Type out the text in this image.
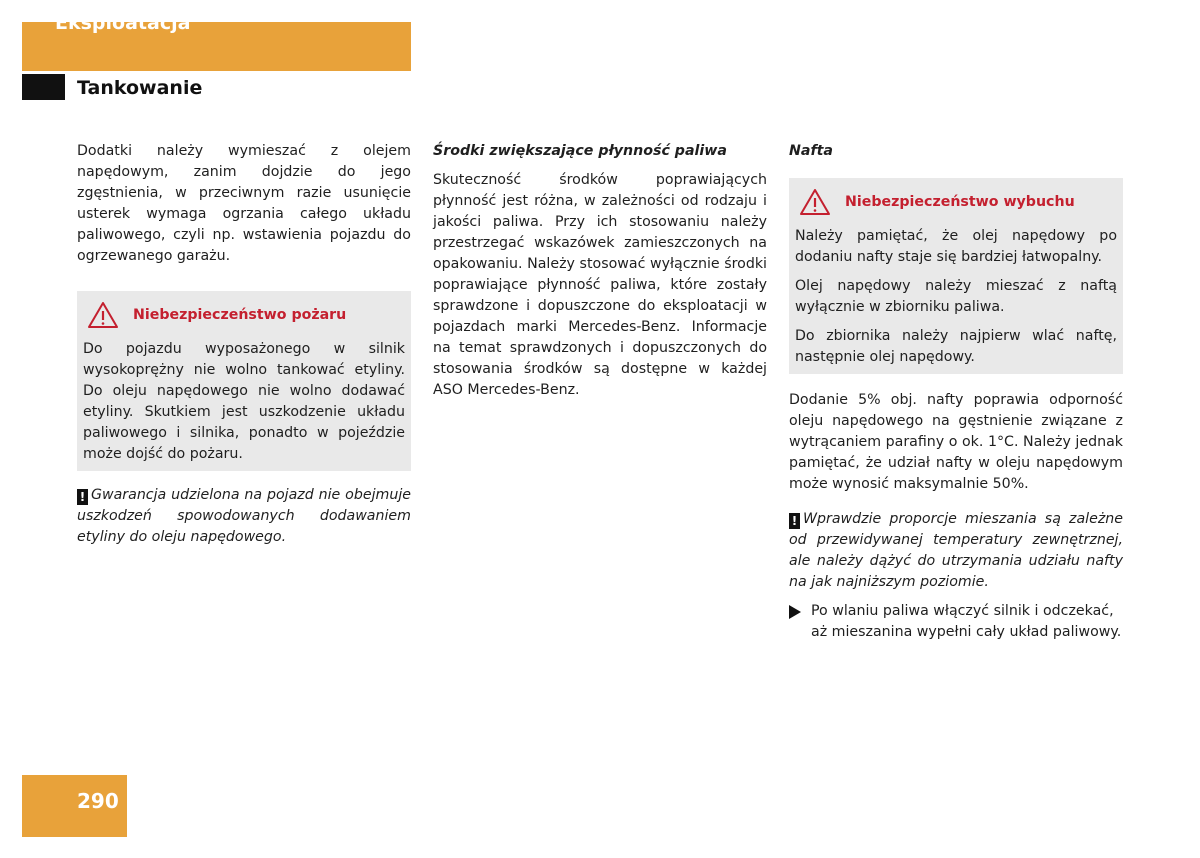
Eksploatacja
Tankowanie

Dodatki należy wymieszać z olejem napędowym, zanim dojdzie do jego zgęstnienia, w przeciwnym razie usunięcie usterek wymaga ogrzania całego układu paliwowego, czyli np. wstawienia pojazdu do ogrzewanego garażu.

Niebezpieczeństwo pożaru

Do pojazdu wyposażonego w silnik wysokoprężny nie wolno tankować etyliny. Do oleju napędowego nie wolno dodawać etyliny. Skutkiem jest uszkodzenie układu paliwowego i silnika, ponadto w pojeździe może dojść do pożaru.

! Gwarancja udzielona na pojazd nie obejmuje uszkodzeń spowodowanych dodawaniem etyliny do oleju napędowego.

Środki zwiększające płynność paliwa

Skuteczność środków poprawiających płynność jest różna, w zależności od rodzaju i jakości paliwa. Przy ich stosowaniu należy przestrzegać wskazówek zamieszczonych na opakowaniu. Należy stosować wyłącznie środki poprawiające płynność paliwa, które zostały sprawdzone i dopuszczone do eksploatacji w pojazdach marki Mercedes-Benz. Informacje na temat sprawdzonych i dopuszczonych do stosowania środków są dostępne w każdej ASO Mercedes-Benz.

Nafta

Niebezpieczeństwo wybuchu

Należy pamiętać, że olej napędowy po dodaniu nafty staje się bardziej łatwopalny.

Olej napędowy należy mieszać z naftą wyłącznie w zbiorniku paliwa.

Do zbiornika należy najpierw wlać naftę, następnie olej napędowy.

Dodanie 5% obj. nafty poprawia odporność oleju napędowego na gęstnienie związane z wytrącaniem parafiny o ok. 1°C. Należy jednak pamiętać, że udział nafty w oleju napędowym może wynosić maksymalnie 50%.

! Wprawdzie proporcje mieszania są zależne od przewidywanej temperatury zewnętrznej, ale należy dążyć do utrzymania udziału nafty na jak najniższym poziomie.

Po wlaniu paliwa włączyć silnik i odczekać, aż mieszanina wypełni cały układ paliwowy.

290
